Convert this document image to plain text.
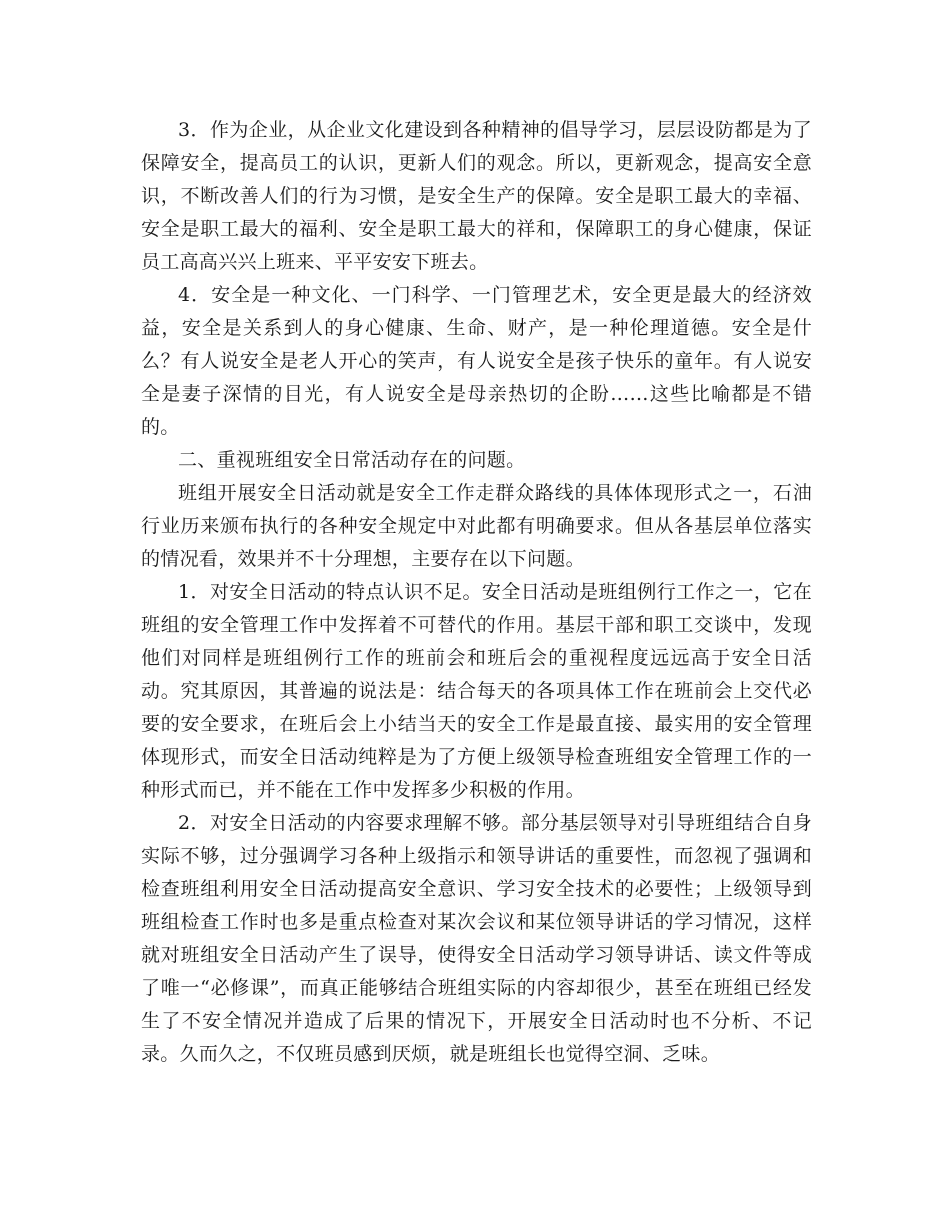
3．作为企业，从企业文化建设到各种精神的倡导学习，层层设防都是为了保障安全，提高员工的认识，更新人们的观念。所以，更新观念，提高安全意识，不断改善人们的行为习惯，是安全生产的保障。安全是职工最大的幸福、安全是职工最大的福利、安全是职工最大的祥和，保障职工的身心健康，保证员工高高兴兴上班来、平平安安下班去。

4．安全是一种文化、一门科学、一门管理艺术，安全更是最大的经济效益，安全是关系到人的身心健康、生命、财产，是一种伦理道德。安全是什么？有人说安全是老人开心的笑声，有人说安全是孩子快乐的童年。有人说安全是妻子深情的目光，有人说安全是母亲热切的企盼……这些比喻都是不错的。

二、重视班组安全日常活动存在的问题。

班组开展安全日活动就是安全工作走群众路线的具体体现形式之一，石油行业历来颁布执行的各种安全规定中对此都有明确要求。但从各基层单位落实的情况看，效果并不十分理想，主要存在以下问题。

1．对安全日活动的特点认识不足。安全日活动是班组例行工作之一，它在班组的安全管理工作中发挥着不可替代的作用。基层干部和职工交谈中，发现他们对同样是班组例行工作的班前会和班后会的重视程度远远高于安全日活动。究其原因，其普遍的说法是：结合每天的各项具体工作在班前会上交代必要的安全要求，在班后会上小结当天的安全工作是最直接、最实用的安全管理体现形式，而安全日活动纯粹是为了方便上级领导检查班组安全管理工作的一种形式而已，并不能在工作中发挥多少积极的作用。

2．对安全日活动的内容要求理解不够。部分基层领导对引导班组结合自身实际不够，过分强调学习各种上级指示和领导讲话的重要性，而忽视了强调和检查班组利用安全日活动提高安全意识、学习安全技术的必要性；上级领导到班组检查工作时也多是重点检查对某次会议和某位领导讲话的学习情况，这样就对班组安全日活动产生了误导，使得安全日活动学习领导讲话、读文件等成了唯一“必修课”，而真正能够结合班组实际的内容却很少，甚至在班组已经发生了不安全情况并造成了后果的情况下，开展安全日活动时也不分析、不记录。久而久之，不仅班员感到厌烦，就是班组长也觉得空洞、乏味。
